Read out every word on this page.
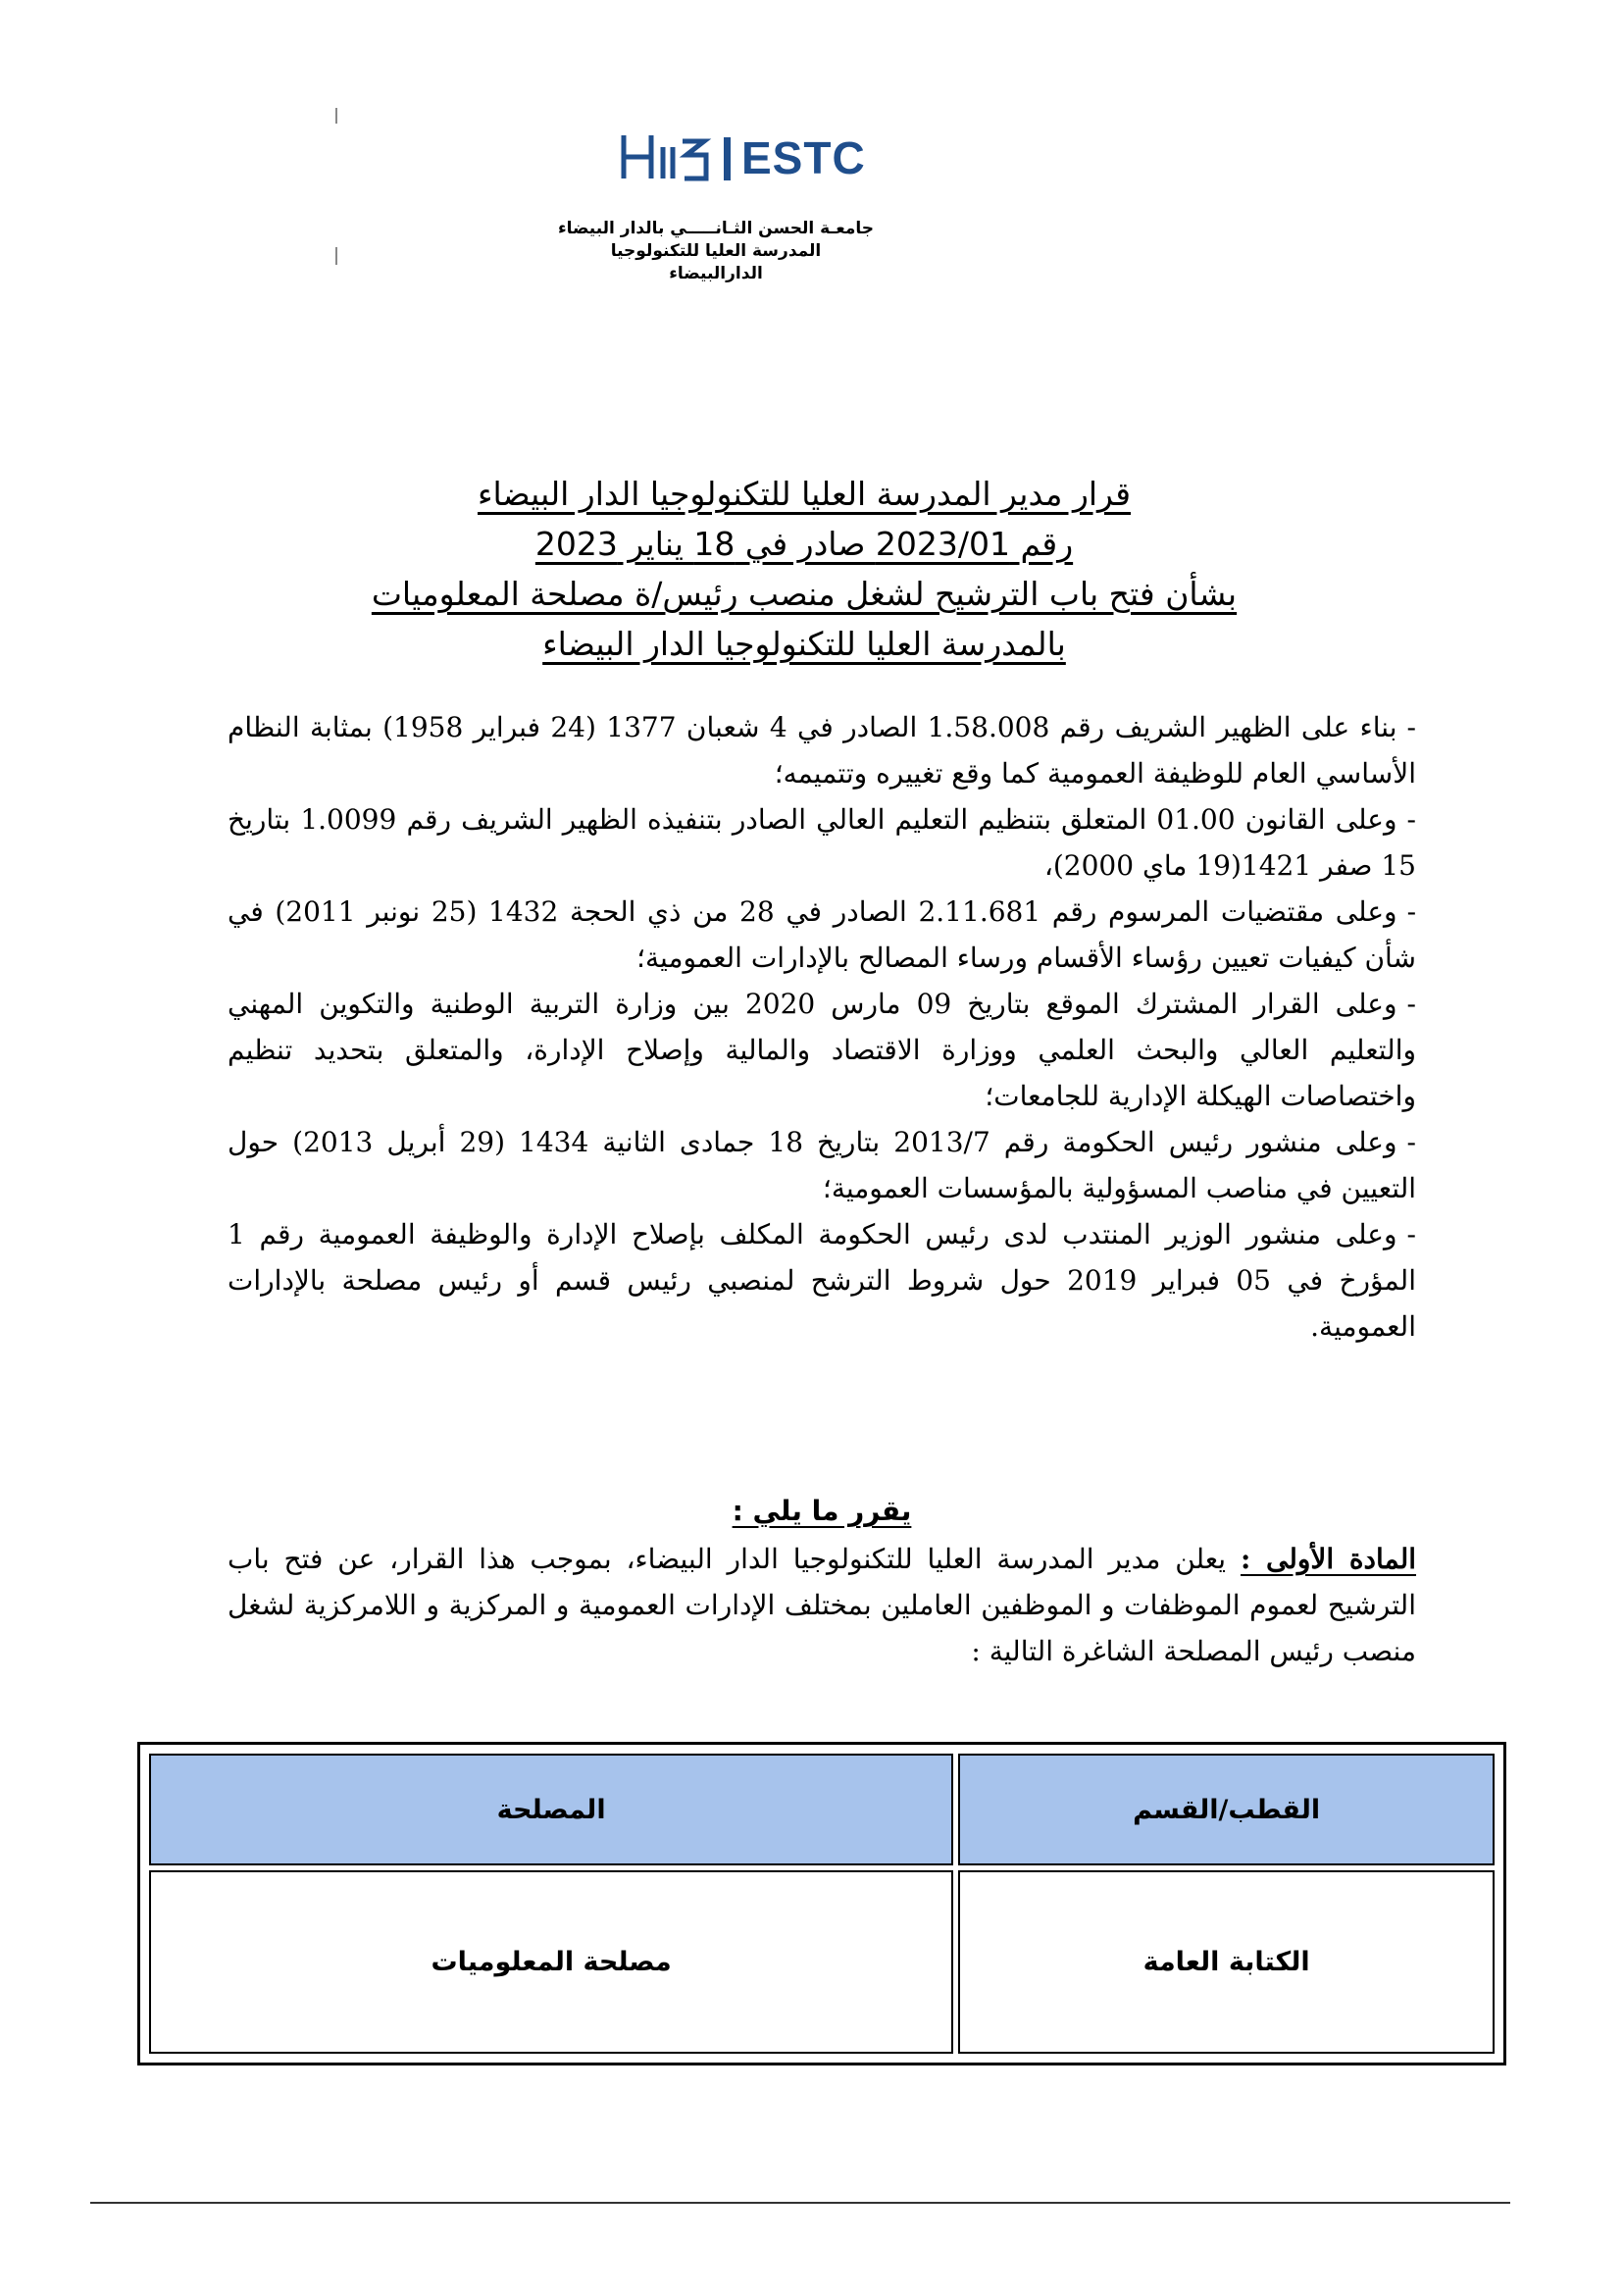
ESTC
جامعـة الحسن الثـانـــــي بالدار البيضاء
المدرسة العليا للتكنولوجيا
الدارالبيضاء
قرار مدير المدرسة العليا للتكنولوجيا الدار البيضاء
رقم 2023/01 صادر في 18 يناير 2023
بشأن فتح باب الترشيح لشغل منصب رئيس/ة مصلحة المعلوميات
بالمدرسة العليا للتكنولوجيا الدار البيضاء

-بناء على الظهير الشريف رقم 1.58.008 الصادر في 4 شعبان 1377 (24 فبراير 1958) بمثابة النظام الأساسي العام للوظيفة العمومية كما وقع تغييره وتتميمه؛

-وعلى القانون 01.00 المتعلق بتنظيم التعليم العالي الصادر بتنفيذه الظهير الشريف رقم 1.0099 بتاريخ 15 صفر 1421(19 ماي 2000)،

-وعلى مقتضيات المرسوم رقم 2.11.681 الصادر في 28 من ذي الحجة 1432 (25 نونبر 2011) في شأن كيفيات تعيين رؤساء الأقسام ورساء المصالح بالإدارات العمومية؛

-وعلى القرار المشترك الموقع بتاريخ 09 مارس 2020 بين وزارة التربية الوطنية والتكوين المهني والتعليم العالي والبحث العلمي ووزارة الاقتصاد والمالية وإصلاح الإدارة، والمتعلق بتحديد تنظيم واختصاصات الهيكلة الإدارية للجامعات؛

-وعلى منشور رئيس الحكومة رقم 2013/7 بتاريخ 18 جمادى الثانية 1434 (29 أبريل 2013) حول التعيين في مناصب المسؤولية بالمؤسسات العمومية؛

-وعلى منشور الوزير المنتدب لدى رئيس الحكومة المكلف بإصلاح الإدارة والوظيفة العمومية رقم 1 المؤرخ في 05 فبراير 2019 حول شروط الترشح لمنصبي رئيس قسم أو رئيس مصلحة بالإدارات العمومية.

يقرر ما يلي :
المادة الأولى : يعلن مدير المدرسة العليا للتكنولوجيا الدار البيضاء، بموجب هذا القرار، عن فتح باب الترشيح لعموم الموظفات و الموظفين العاملين بمختلف الإدارات العمومية و المركزية و اللامركزية لشغل منصب رئيس المصلحة الشاغرة التالية :
القطب/القسم	المصلحة
الكتابة العامة	مصلحة المعلوميات
